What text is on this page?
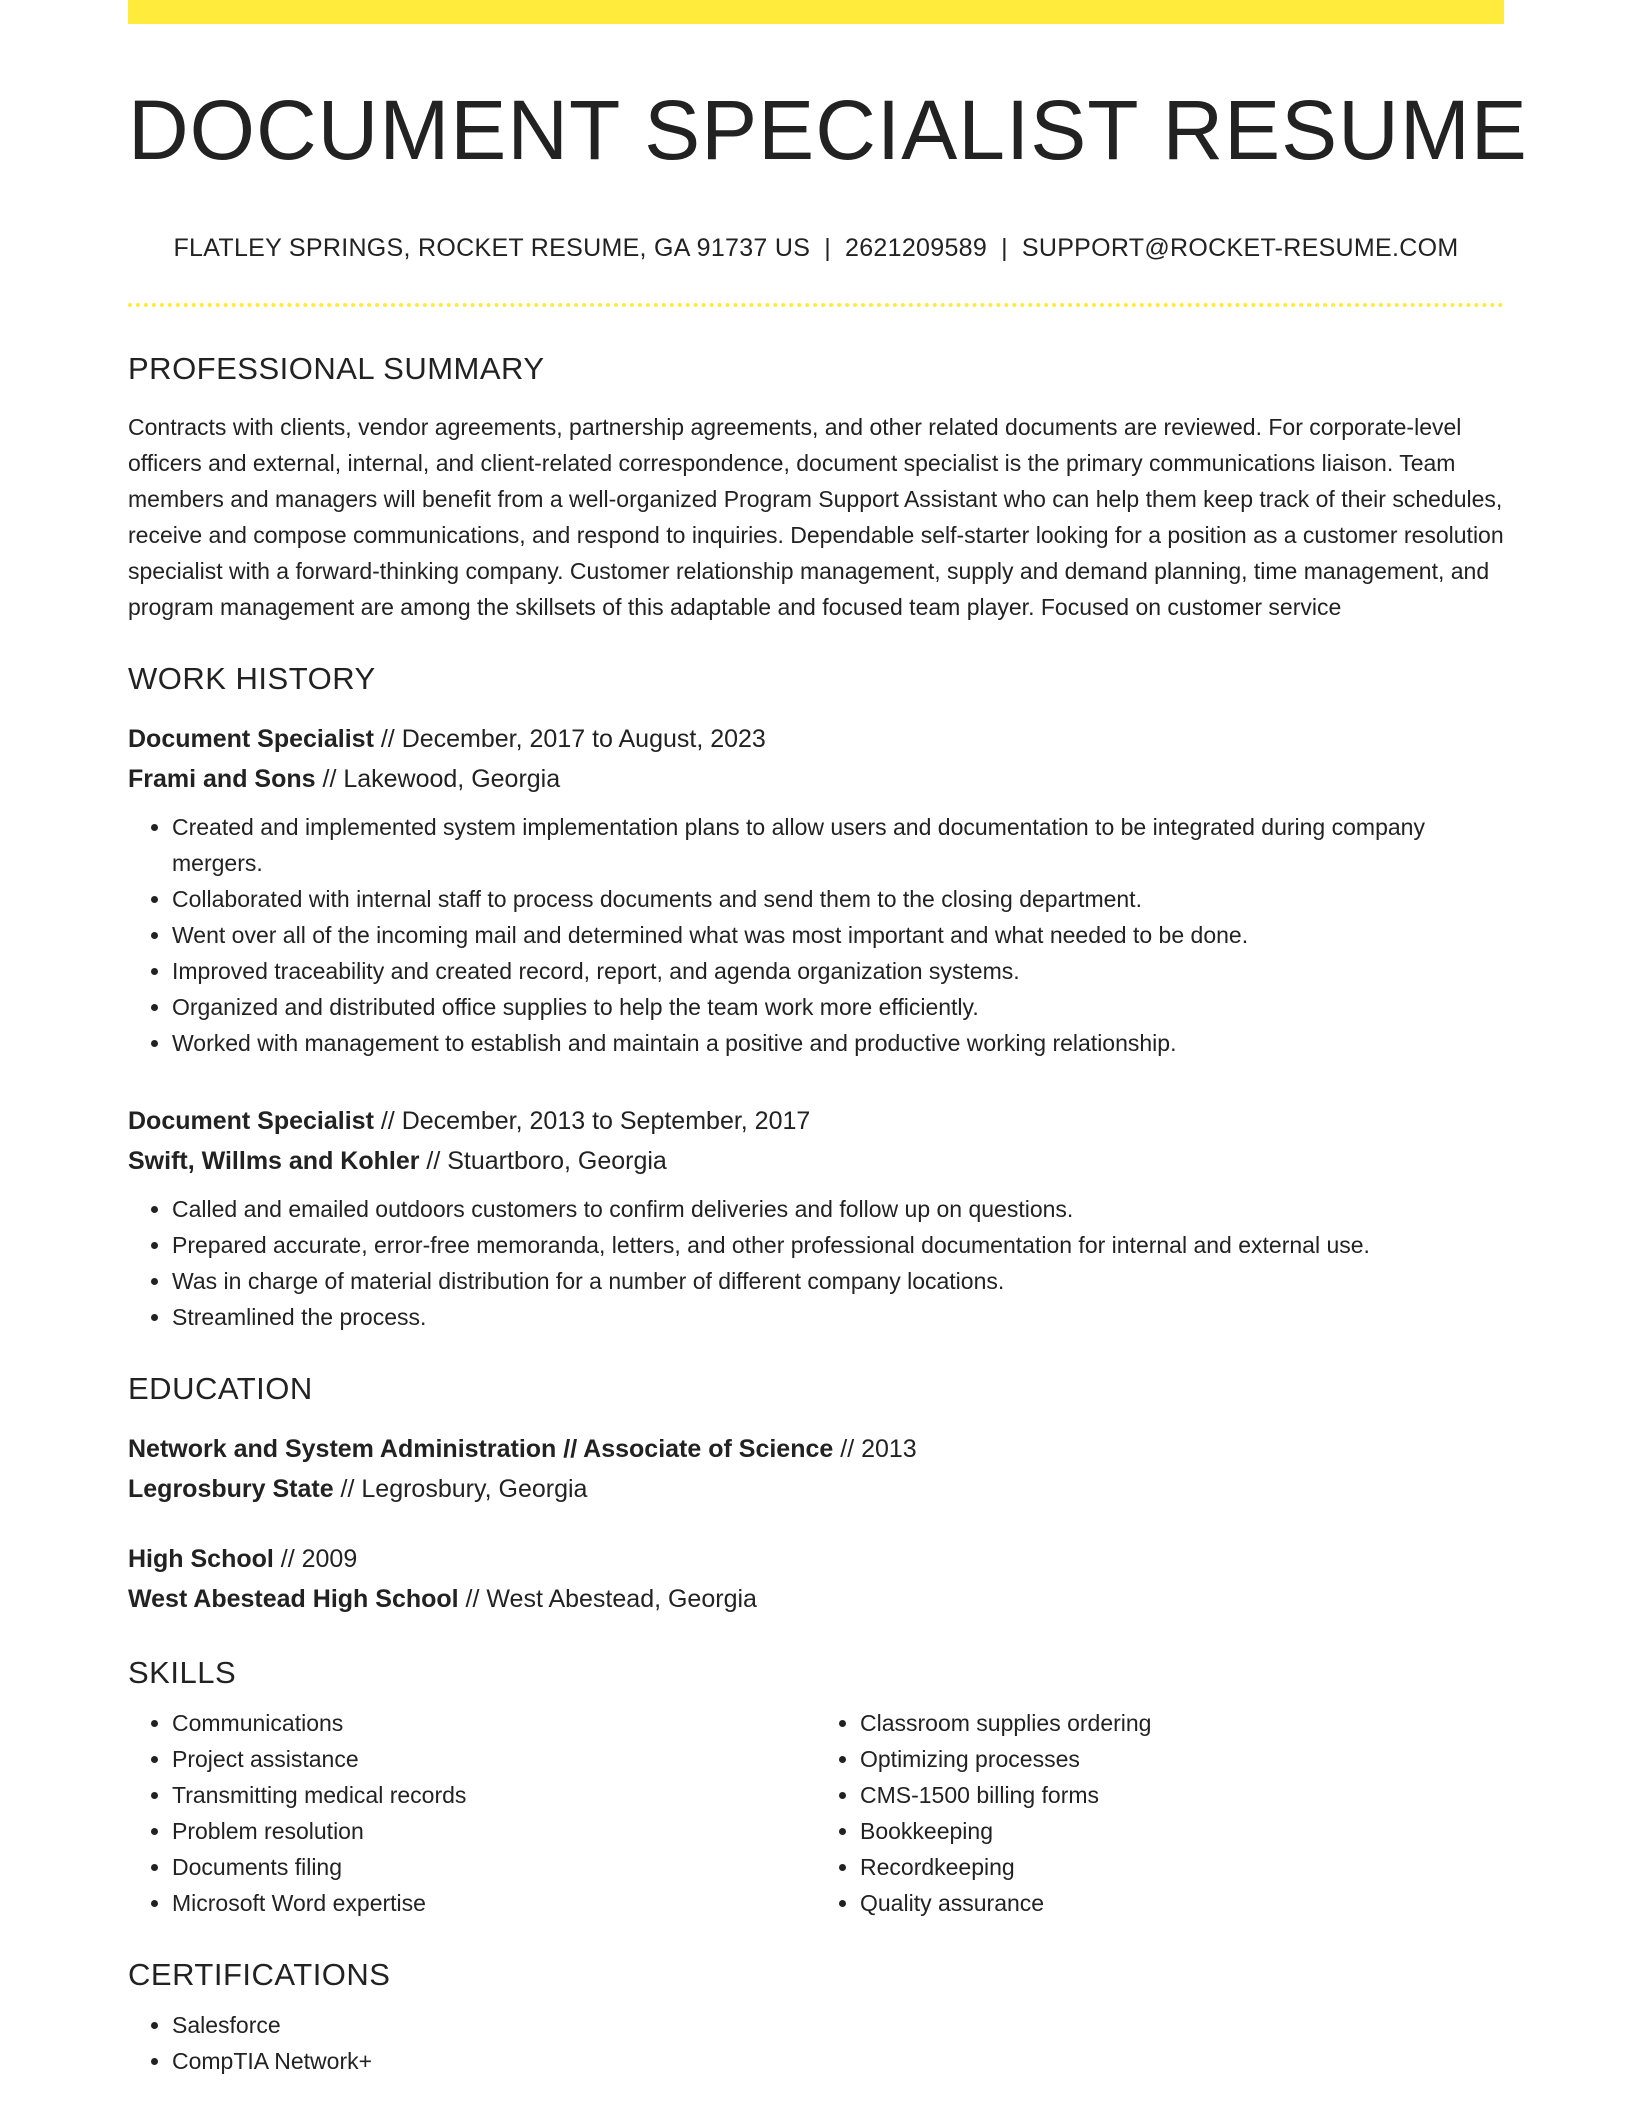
DOCUMENT SPECIALIST RESUME
FLATLEY SPRINGS, ROCKET RESUME, GA 91737 US | 2621209589 | SUPPORT@ROCKET-RESUME.COM
PROFESSIONAL SUMMARY

Contracts with clients, vendor agreements, partnership agreements, and other related documents are reviewed. For corporate-level officers and external, internal, and client-related correspondence, document specialist is the primary communications liaison. Team members and managers will benefit from a well-organized Program Support Assistant who can help them keep track of their schedules, receive and compose communications, and respond to inquiries. Dependable self-starter looking for a position as a customer resolution specialist with a forward-thinking company. Customer relationship management, supply and demand planning, time management, and program management are among the skillsets of this adaptable and focused team player. Focused on customer service

WORK HISTORY
Document Specialist // December, 2017 to August, 2023
Frami and Sons // Lakewood, Georgia
• Created and implemented system implementation plans to allow users and documentation to be integrated during company mergers.
• Collaborated with internal staff to process documents and send them to the closing department.
• Went over all of the incoming mail and determined what was most important and what needed to be done.
• Improved traceability and created record, report, and agenda organization systems.
• Organized and distributed office supplies to help the team work more efficiently.
• Worked with management to establish and maintain a positive and productive working relationship.
Document Specialist // December, 2013 to September, 2017
Swift, Willms and Kohler // Stuartboro, Georgia
• Called and emailed outdoors customers to confirm deliveries and follow up on questions.
• Prepared accurate, error-free memoranda, letters, and other professional documentation for internal and external use.
• Was in charge of material distribution for a number of different company locations.
• Streamlined the process.
EDUCATION
Network and System Administration // Associate of Science // 2013
Legrosbury State // Legrosbury, Georgia
High School // 2009
West Abestead High School // West Abestead, Georgia
SKILLS
• Communications
• Project assistance
• Transmitting medical records
• Problem resolution
• Documents filing
• Microsoft Word expertise
• Classroom supplies ordering
• Optimizing processes
• CMS-1500 billing forms
• Bookkeeping
• Recordkeeping
• Quality assurance
CERTIFICATIONS
• Salesforce
• CompTIA Network+
